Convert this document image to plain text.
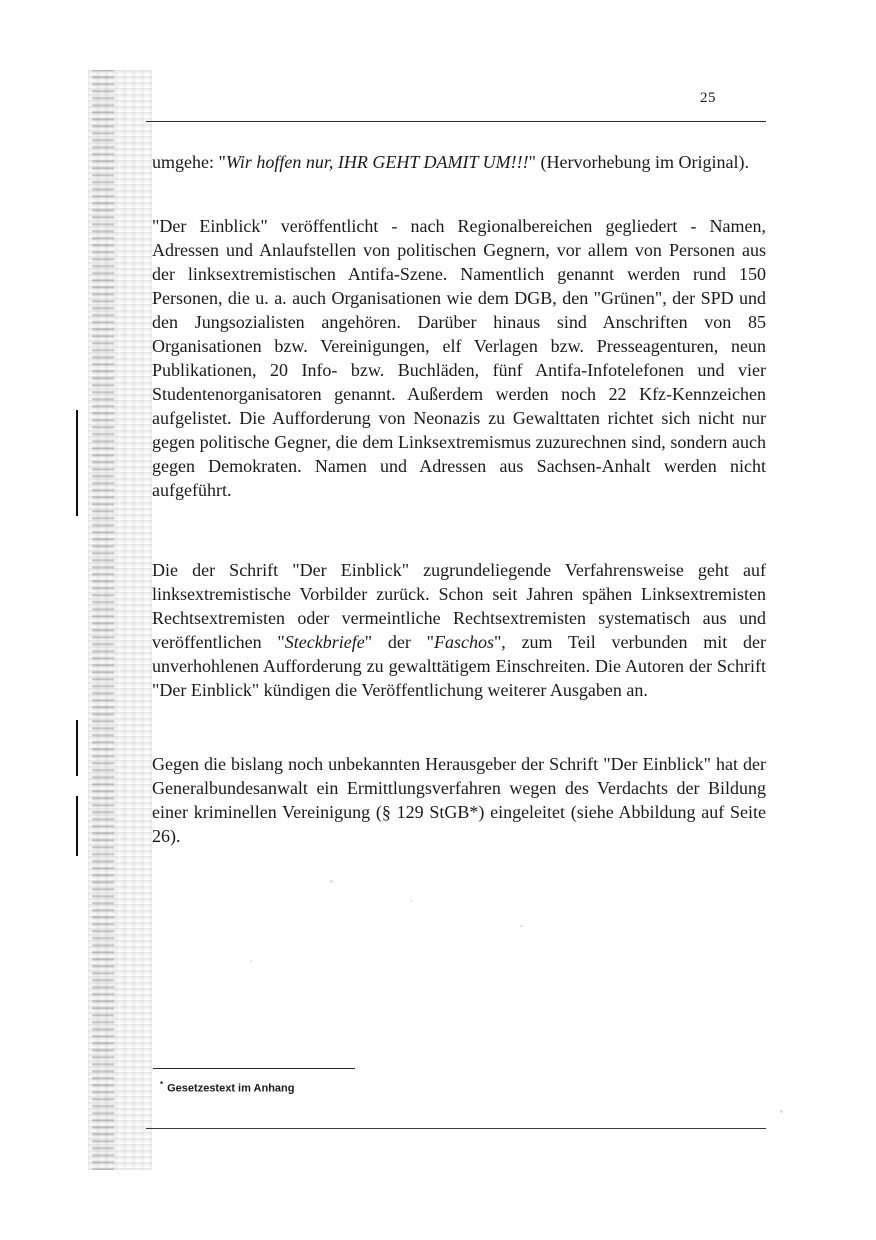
25

umgehe: "Wir hoffen nur, IHR GEHT DAMIT UM!!!" (Hervorhebung im Original).

"Der Einblick" veröffentlicht - nach Regionalbereichen gegliedert - Namen, Adressen und Anlaufstellen von politischen Gegnern, vor allem von Personen aus der linksextremistischen Antifa-Szene. Namentlich genannt werden rund 150 Personen, die u. a. auch Organisationen wie dem DGB, den "Grünen", der SPD und den Jungsozialisten angehören. Darüber hinaus sind Anschriften von 85 Organisationen bzw. Vereinigungen, elf Verlagen bzw. Presseagenturen, neun Publikationen, 20 Info- bzw. Buchläden, fünf Antifa-Infotelefonen und vier Studentenorganisatoren genannt. Außerdem werden noch 22 Kfz-Kennzeichen aufgelistet. Die Aufforderung von Neonazis zu Gewalttaten richtet sich nicht nur gegen politische Gegner, die dem Linksextremismus zuzurechnen sind, sondern auch gegen Demokraten. Namen und Adressen aus Sachsen-Anhalt werden nicht aufgeführt.

Die der Schrift "Der Einblick" zugrundeliegende Verfahrensweise geht auf linksextremistische Vorbilder zurück. Schon seit Jahren spähen Linksextremisten Rechtsextremisten oder vermeintliche Rechtsextremisten systematisch aus und veröffentlichen "Steckbriefe" der "Faschos", zum Teil verbunden mit der unverhohlenen Aufforderung zu gewalttätigem Einschreiten. Die Autoren der Schrift "Der Einblick" kündigen die Veröffentlichung weiterer Ausgaben an.

Gegen die bislang noch unbekannten Herausgeber der Schrift "Der Einblick" hat der Generalbundesanwalt ein Ermittlungsverfahren wegen des Verdachts der Bildung einer kriminellen Vereinigung (§ 129 StGB*) eingeleitet (siehe Abbildung auf Seite 26).

* Gesetzestext im Anhang
